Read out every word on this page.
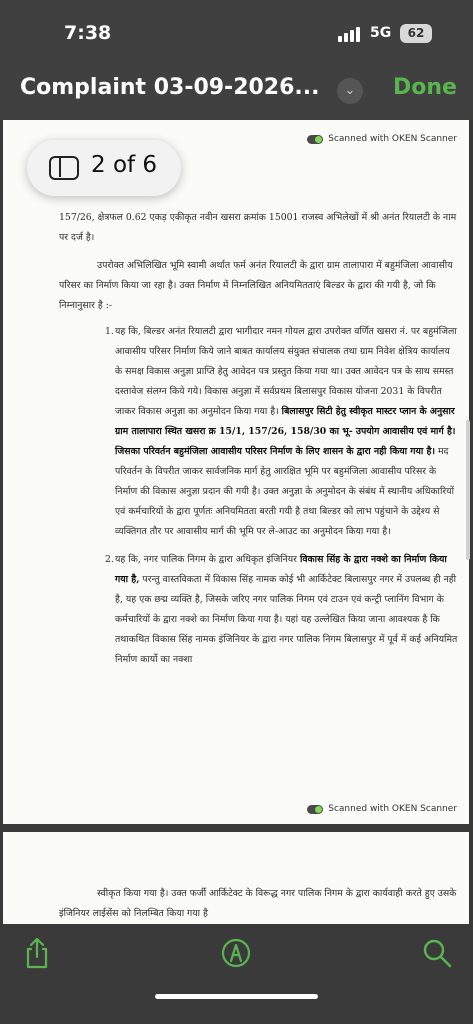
7:38	5G	62
Complaint 03-09-2026...	⌄	Done
Scanned with OKEN Scanner

157/26, क्षेत्रफल 0.62 एकड़ एकीकृत नवीन खसरा क्रमांक 15001 राजस्व अभिलेखों में श्री अनंत रियालटी के नाम पर दर्ज है।

उपरोक्त अभिलिखित भूमि स्वामी अर्थात फर्म अनंत रियालटी के द्वारा ग्राम तालापारा में बहुमंजिला आवासीय परिसर का निर्माण किया जा रहा है। उक्त निर्माण में निम्नलिखित अनियमितताएं बिल्डर के द्वारा की गयी है, जो कि निम्नानुसार है :-

1. यह कि, बिल्डर अनंत रियालटी द्वारा भागीदार नमन गोयल द्वारा उपरोक्त वर्णित खसरा नं. पर बहुमंजिला आवासीय परिसर निर्माण किये जाने बाबत कार्यालय संयुक्त संचालक तथा ग्राम निवेश क्षेत्रिय कार्यालय के समक्ष विकास अनुज्ञा प्राप्ति हेतु आवेदन पत्र प्रस्तुत किया गया था। उक्त आवेदन पत्र के साथ समस्त दस्तावेज संलग्न किये गये। विकास अनुज्ञा में सर्वप्रथम बिलासपुर विकास योजना 2031 के विपरीत जाकर विकास अनुज्ञा का अनुमोदन किया गया है। बिलासपुर सिटी हेतु स्वीकृत मास्टर प्लान के अनुसार ग्राम तालापारा स्थित खसरा क्र 15/1, 157/26, 158/30 का भू- उपयोग आवासीय एवं मार्ग है। जिसका परिवर्तन बहुमंजिला आवासीय परिसर निर्माण के लिए शासन के द्वारा नही किया गया है। मद परिवर्तन के विपरीत जाकर सार्वजनिक मार्ग हेतु आरक्षित भूमि पर बहुमंजिला आवासीय परिसर के निर्माण की विकास अनुज्ञा प्रदान की गयी है। उक्त अनुज्ञा के अनुमोदन के संबंध में स्थानीय अधिकारियों एवं कर्मचारियों के द्वारा पूर्णतः अनियमितता बरती गयी है तथा बिल्डर को लाभ पहुंचाने के उद्देश्य से व्यक्तिगत तौर पर आवासीय मार्ग की भूमि पर ले-आउट का अनुमोदन किया गया है।

2. यह कि, नगर पालिक निगम के द्वारा अधिकृत इंजिनियर विकास सिंह के द्वारा नक्शे का निर्माण किया गया है, परन्तु वास्तविकता में विकास सिंह नामक कोई भी आर्किटेक्ट बिलासपुर नगर में उपलब्ध ही नही है, यह एक छद्म व्यक्ति है, जिसके जरिए नगर पालिक निगम एवं टाउन एवं कन्ट्री प्लानिंग विभाग के कर्मचारियों के द्वारा नक्शे का निर्माण किया गया है। यहां यह उल्लेखित किया जाना आवश्यक है कि तथाकथित विकास सिंह नामक इंजिनियर के द्वारा नगर पालिक निगम बिलासपुर में पूर्व में कई अनियमित निर्माण कार्यो का नक्शा

Scanned with OKEN Scanner

स्वीकृत किया गया है। उक्त फर्जी आर्किटेक्ट के विरूद्ध नगर पालिक निगम के द्वारा कार्यवाही करते हुए उसके इंजिनियर लाईसेंस को निलम्बित किया गया है

2 of 6
